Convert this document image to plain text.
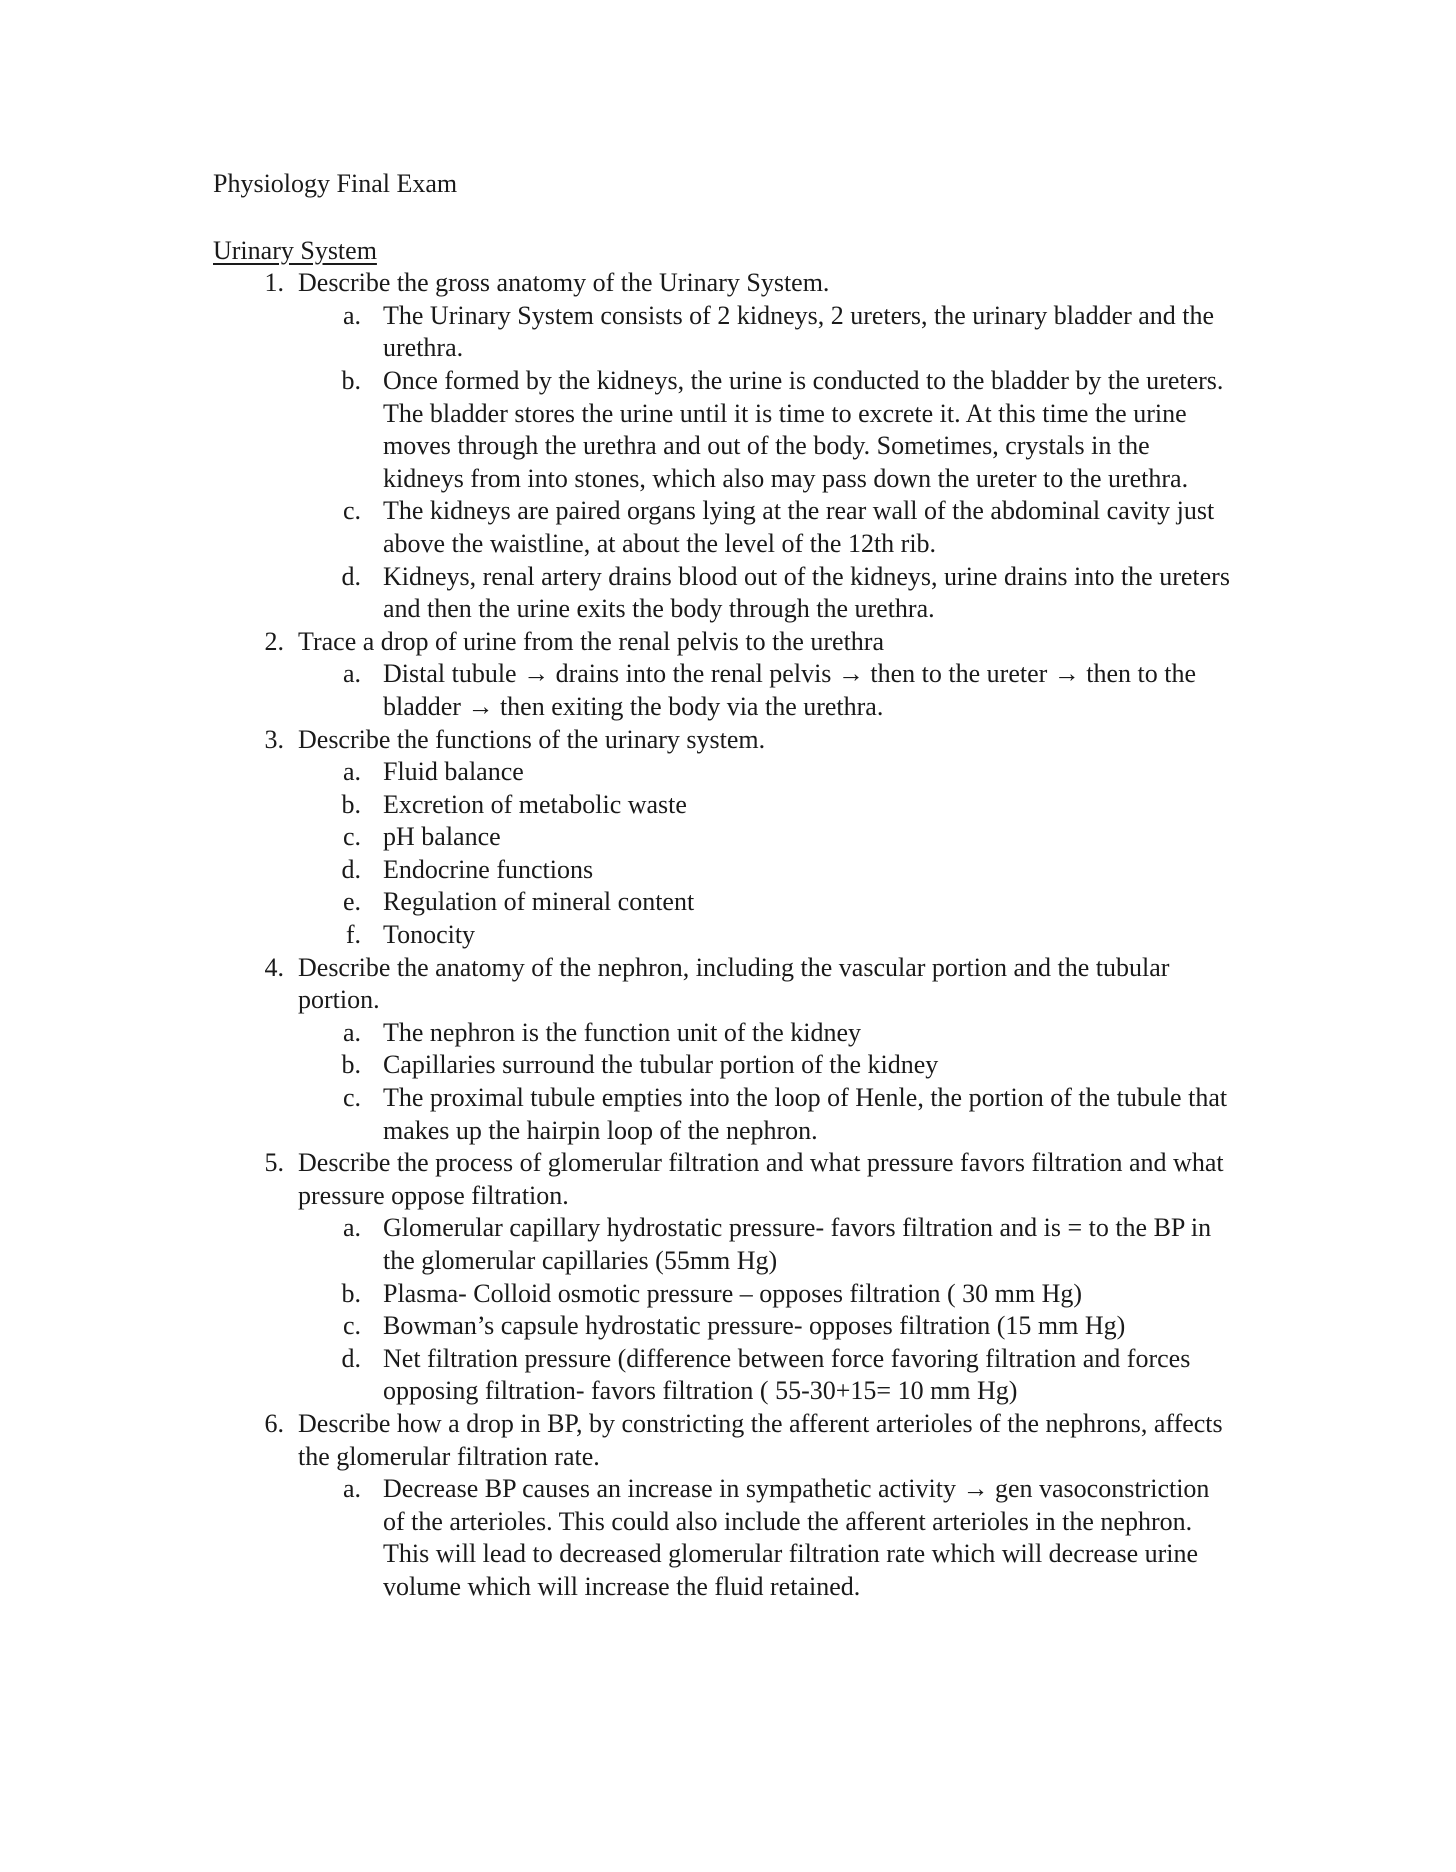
Physiology Final Exam
Urinary System
1. Describe the gross anatomy of the Urinary System.
a. The Urinary System consists of 2 kidneys, 2 ureters, the urinary bladder and the urethra.
b. Once formed by the kidneys, the urine is conducted to the bladder by the ureters. The bladder stores the urine until it is time to excrete it. At this time the urine moves through the urethra and out of the body. Sometimes, crystals in the kidneys from into stones, which also may pass down the ureter to the urethra.
c. The kidneys are paired organs lying at the rear wall of the abdominal cavity just above the waistline, at about the level of the 12th rib.
d. Kidneys, renal artery drains blood out of the kidneys, urine drains into the ureters and then the urine exits the body through the urethra.
2. Trace a drop of urine from the renal pelvis to the urethra
a. Distal tubule → drains into the renal pelvis → then to the ureter → then to the bladder → then exiting the body via the urethra.
3. Describe the functions of the urinary system.
a. Fluid balance
b. Excretion of metabolic waste
c. pH balance
d. Endocrine functions
e. Regulation of mineral content
f. Tonocity
4. Describe the anatomy of the nephron, including the vascular portion and the tubular portion.
a. The nephron is the function unit of the kidney
b. Capillaries surround the tubular portion of the kidney
c. The proximal tubule empties into the loop of Henle, the portion of the tubule that makes up the hairpin loop of the nephron.
5. Describe the process of glomerular filtration and what pressure favors filtration and what pressure oppose filtration.
a. Glomerular capillary hydrostatic pressure- favors filtration and is = to the BP in the glomerular capillaries (55mm Hg)
b. Plasma- Colloid osmotic pressure – opposes filtration ( 30 mm Hg)
c. Bowman’s capsule hydrostatic pressure- opposes filtration (15 mm Hg)
d. Net filtration pressure (difference between force favoring filtration and forces opposing filtration- favors filtration ( 55-30+15= 10 mm Hg)
6. Describe how a drop in BP, by constricting the afferent arterioles of the nephrons, affects the glomerular filtration rate.
a. Decrease BP causes an increase in sympathetic activity → gen vasoconstriction of the arterioles. This could also include the afferent arterioles in the nephron. This will lead to decreased glomerular filtration rate which will decrease urine volume which will increase the fluid retained.
